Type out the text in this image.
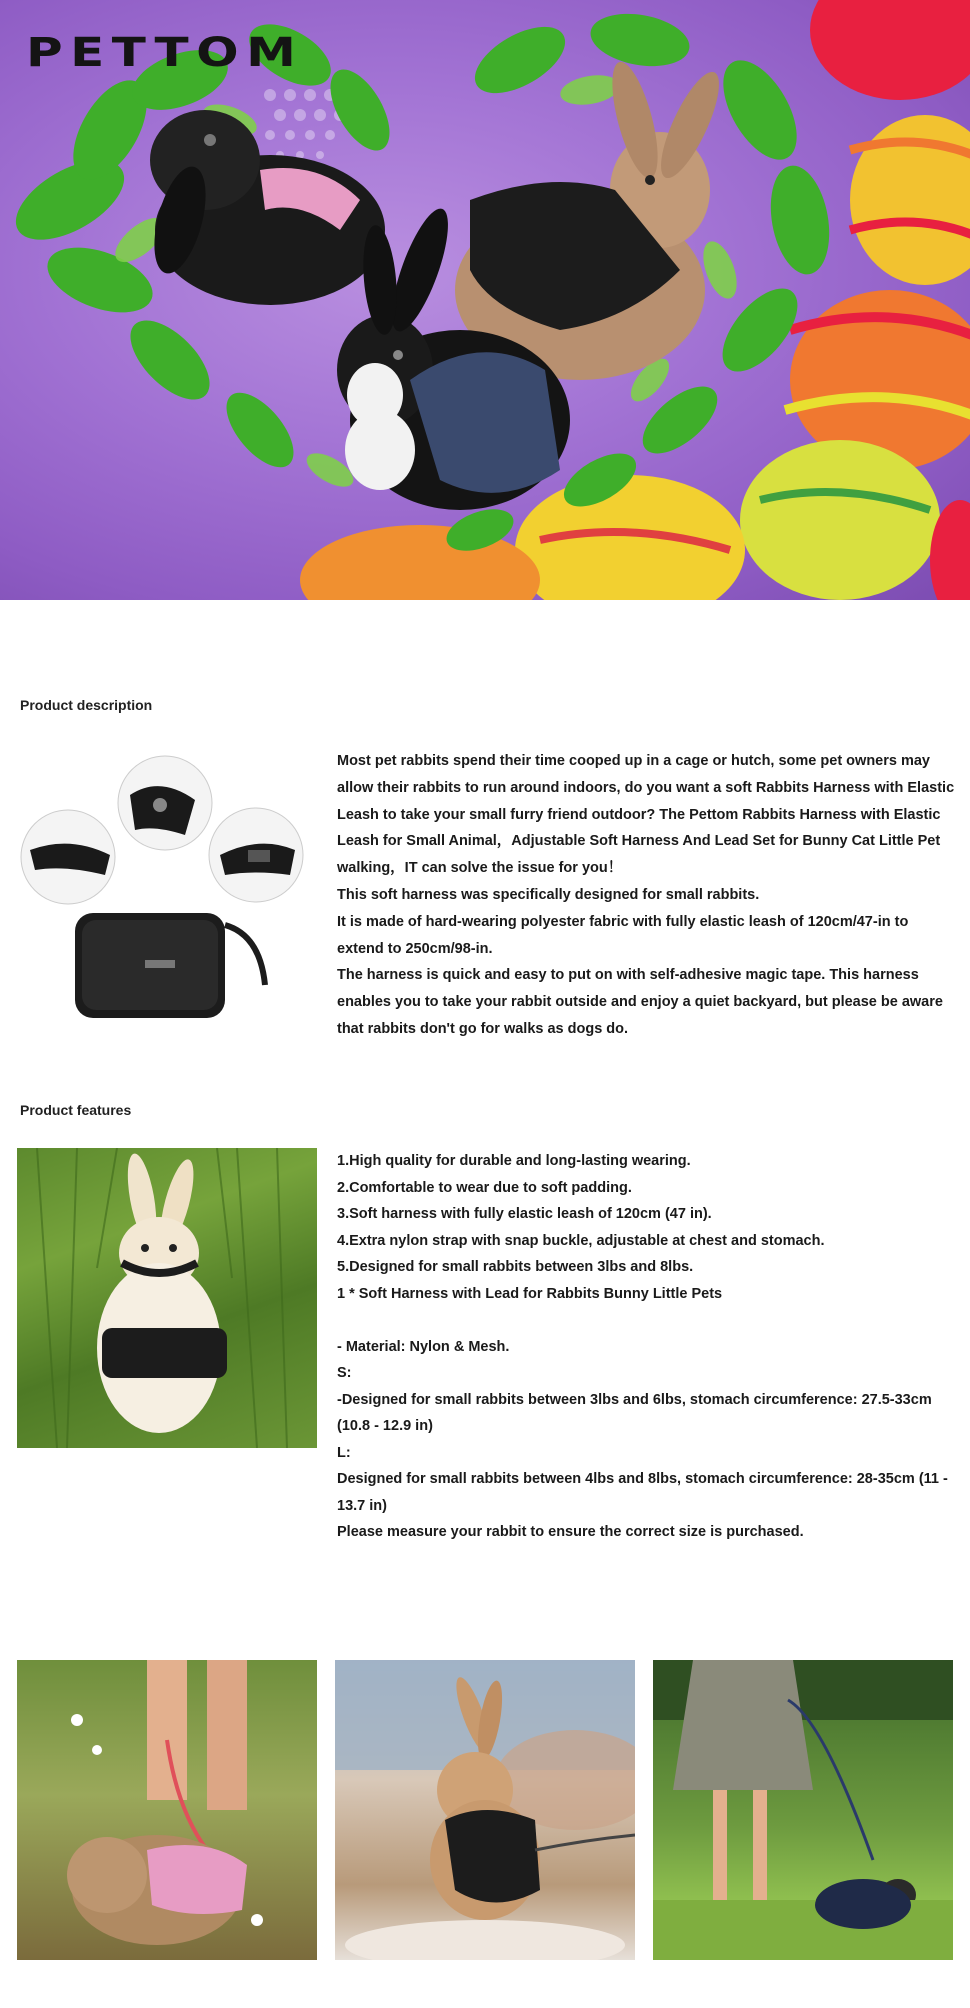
PETTOM
Product description

Most pet rabbits spend their time cooped up in a cage or hutch, some pet owners may allow their rabbits to run around indoors, do you want a soft Rabbits Harness with Elastic Leash to take your small furry friend outdoor? The Pettom Rabbits Harness with Elastic Leash for Small Animal，Adjustable Soft Harness And Lead Set for Bunny Cat Little Pet walking，IT can solve the issue for you！

This soft harness was specifically designed for small rabbits.

It is made of hard-wearing polyester fabric with fully elastic leash of 120cm/47-in to extend to 250cm/98-in.

The harness is quick and easy to put on with self-adhesive magic tape. This harness enables you to take your rabbit outside and enjoy a quiet backyard, but please be aware that rabbits don't go for walks as dogs do.

Product features

1.High quality for durable and long-lasting wearing.

2.Comfortable to wear due to soft padding.

3.Soft harness with fully elastic leash of 120cm (47 in).

4.Extra nylon strap with snap buckle, adjustable at chest and stomach.

5.Designed for small rabbits between 3lbs and 8lbs.

1 * Soft Harness with Lead for Rabbits Bunny Little Pets

- Material: Nylon & Mesh.

S:

-Designed for small rabbits between 3lbs and 6lbs, stomach circumference: 27.5-33cm (10.8 - 12.9 in)

L:

Designed for small rabbits between 4lbs and 8lbs, stomach circumference: 28-35cm (11 - 13.7 in)

Please measure your rabbit to ensure the correct size is purchased.
